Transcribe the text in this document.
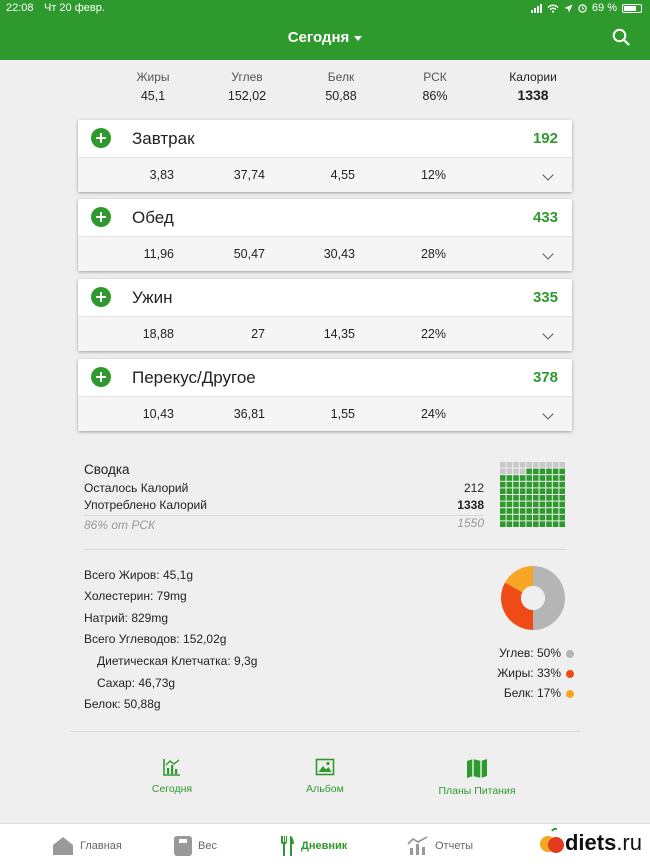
22:08 Чт 20 февр.	69 %
Сегодня
Жиры
45,1
Углев
152,02
Белк
50,88
РСК
86%
Калории
1338
Завтрак	192
3,83	37,74	4,55	12%
Обед	433
11,96	50,47	30,43	28%
Ужин	335
18,88	27	14,35	22%
Перекус/Другое	378
10,43	36,81	1,55	24%
Сводка
Осталось Калорий	212
Употреблено Калорий	1338
86% от РСК	1550
Всего Жиров: 45,1g
Холестерин: 79mg
Натрий: 829mg
Всего Углеводов: 152,02g
Диетическая Клетчатка: 9,3g
Сахар: 46,73g
Белок: 50,88g
Углев: 50%
Жиры: 33%
Белк: 17%
Сегодня	Альбом	Планы Питания
Главная	Вес	Дневник	Отчеты	diets .ru
